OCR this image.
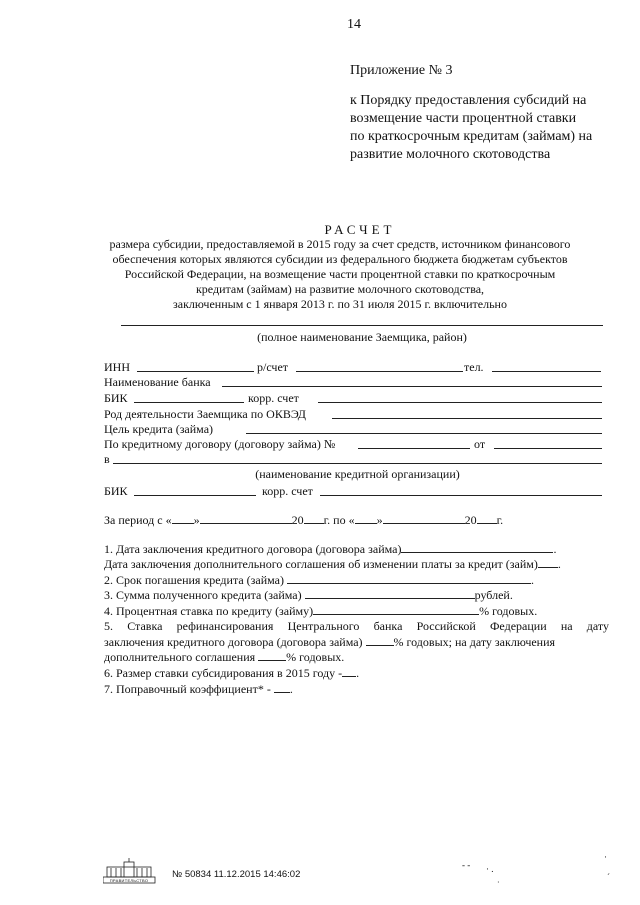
14
Приложение № 3
к Порядку предоставления субсидий на
возмещение части процентной ставки
по краткосрочным кредитам (займам) на
развитие молочного скотоводства
РАСЧЕТ
размера субсидии, предоставляемой в 2015 году за счет средств, источником финансового
обеспечения которых являются субсидии из федерального бюджета бюджетам субъектов
Российской Федерации, на возмещение части процентной ставки по краткосрочным
кредитам (займам) на развитие молочного скотоводства,
заключенным с 1 января 2013 г. по 31 июля 2015 г. включительно
(полное наименование Заемщика, район)
ИНН	р/счет	тел.
Наименование банка
БИК	корр. счет
Род деятельности Заемщика по ОКВЭД
Цель кредита (займа)
По кредитному договору (договору займа) №	от
в
(наименование кредитной организации)
БИК	корр. счет
За период с « »	20 г. по « »	20 г.
1. Дата заключения кредитного договора (договора займа)	.
Дата заключения дополнительного соглашения об изменении платы за кредит (займ) .
2. Срок погашения кредита (займа)	.
3. Сумма полученного кредита (займа)	рублей.
4. Процентная ставка по кредиту (займу)	% годовых.
5. Ставка рефинансирования Центрального банка Российской Федерации на дату
заключения кредитного договора (договора займа)	% годовых; на дату заключения
дополнительного соглашения	% годовых.
6. Размер ставки субсидирования в 2015 году - .
7. Поправочный коэффициент* - .
ПРАВИТЕЛЬСТВО
№ 50834 11.12.2015 14:46:02
- - · .
·
·
´
